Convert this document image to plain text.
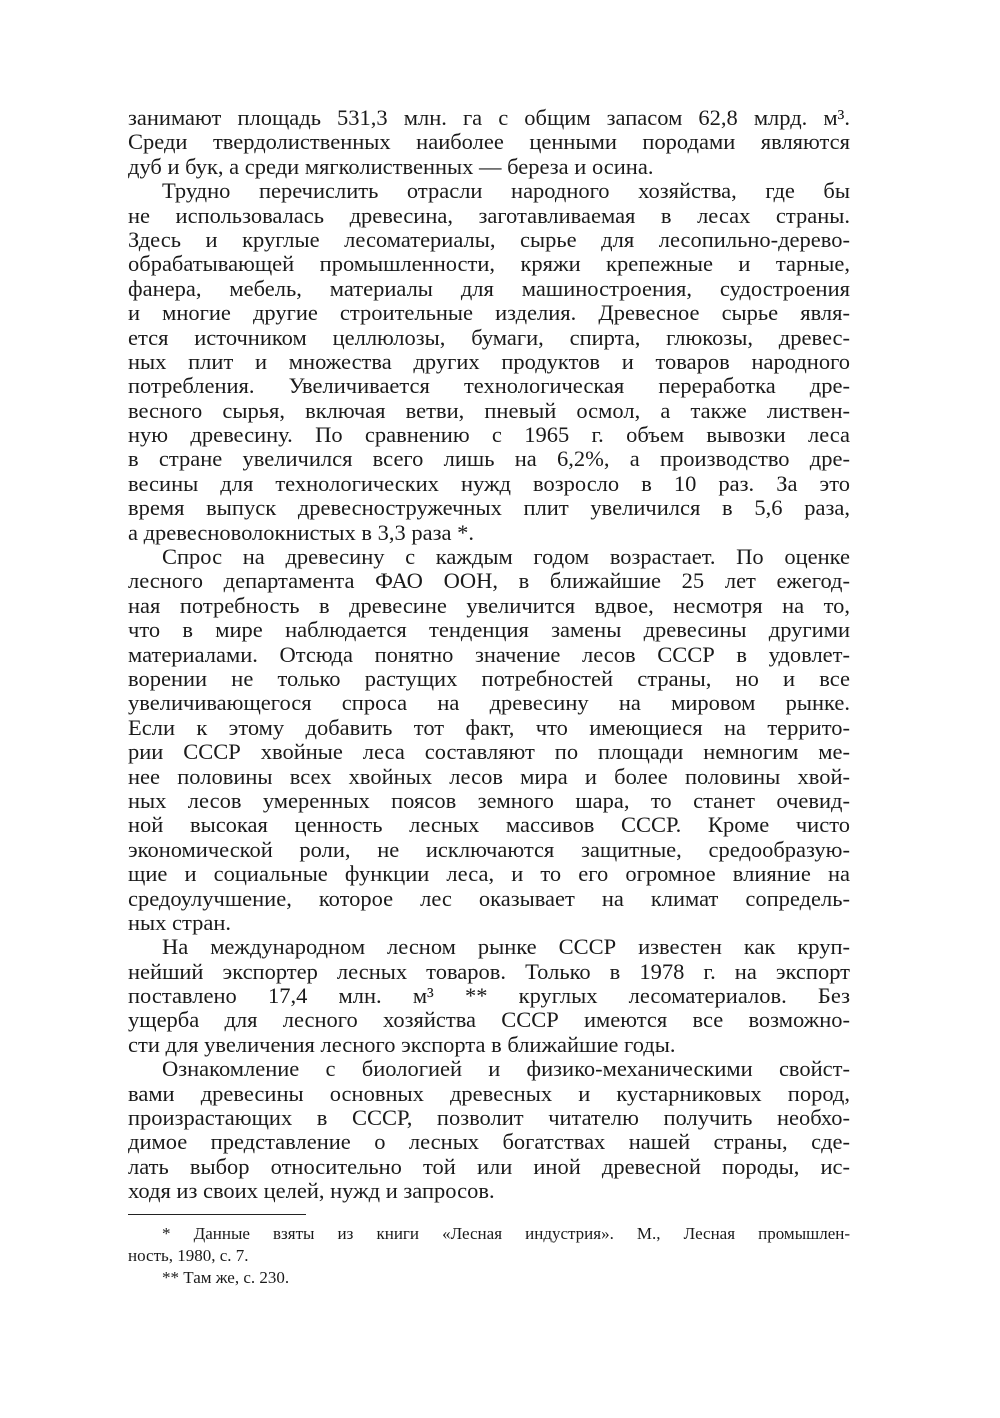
занимают площадь 531,3 млн. га с общим запасом 62,8 млрд. м³.
Среди твердолиственных наиболее ценными породами являются
дуб и бук, а среди мягколиственных — береза и осина.
Трудно перечислить отрасли народного хозяйства, где бы
не использовалась древесина, заготавливаемая в лесах страны.
Здесь и круглые лесоматериалы, сырье для лесопильно-дерево-
обрабатывающей промышленности, кряжи крепежные и тарные,
фанера, мебель, материалы для машиностроения, судостроения
и многие другие строительные изделия. Древесное сырье явля-
ется источником целлюлозы, бумаги, спирта, глюкозы, древес-
ных плит и множества других продуктов и товаров народного
потребления. Увеличивается технологическая переработка дре-
весного сырья, включая ветви, пневый осмол, а также листвен-
ную древесину. По сравнению с 1965 г. объем вывозки леса
в стране увеличился всего лишь на 6,2%, а производство дре-
весины для технологических нужд возросло в 10 раз. За это
время выпуск древесностружечных плит увеличился в 5,6 раза,
а древесноволокнистых в 3,3 раза *.
Спрос на древесину с каждым годом возрастает. По оценке
лесного департамента ФАО ООН, в ближайшие 25 лет ежегод-
ная потребность в древесине увеличится вдвое, несмотря на то,
что в мире наблюдается тенденция замены древесины другими
материалами. Отсюда понятно значение лесов СССР в удовлет-
ворении не только растущих потребностей страны, но и все
увеличивающегося спроса на древесину на мировом рынке.
Если к этому добавить тот факт, что имеющиеся на террито-
рии СССР хвойные леса составляют по площади немногим ме-
нее половины всех хвойных лесов мира и более половины хвой-
ных лесов умеренных поясов земного шара, то станет очевид-
ной высокая ценность лесных массивов СССР. Кроме чисто
экономической роли, не исключаются защитные, средообразую-
щие и социальные функции леса, и то его огромное влияние на
средоулучшение, которое лес оказывает на климат сопредель-
ных стран.
На международном лесном рынке СССР известен как круп-
нейший экспортер лесных товаров. Только в 1978 г. на экспорт
поставлено 17,4 млн. м³ ** круглых лесоматериалов. Без
ущерба для лесного хозяйства СССР имеются все возможно-
сти для увеличения лесного экспорта в ближайшие годы.
Ознакомление с биологией и физико-механическими свойст-
вами древесины основных древесных и кустарниковых пород,
произрастающих в СССР, позволит читателю получить необхо-
димое представление о лесных богатствах нашей страны, сде-
лать выбор относительно той или иной древесной породы, ис-
ходя из своих целей, нужд и запросов.
* Данные взяты из книги «Лесная индустрия». М., Лесная промышлен-
ность, 1980, с. 7.
** Там же, с. 230.
